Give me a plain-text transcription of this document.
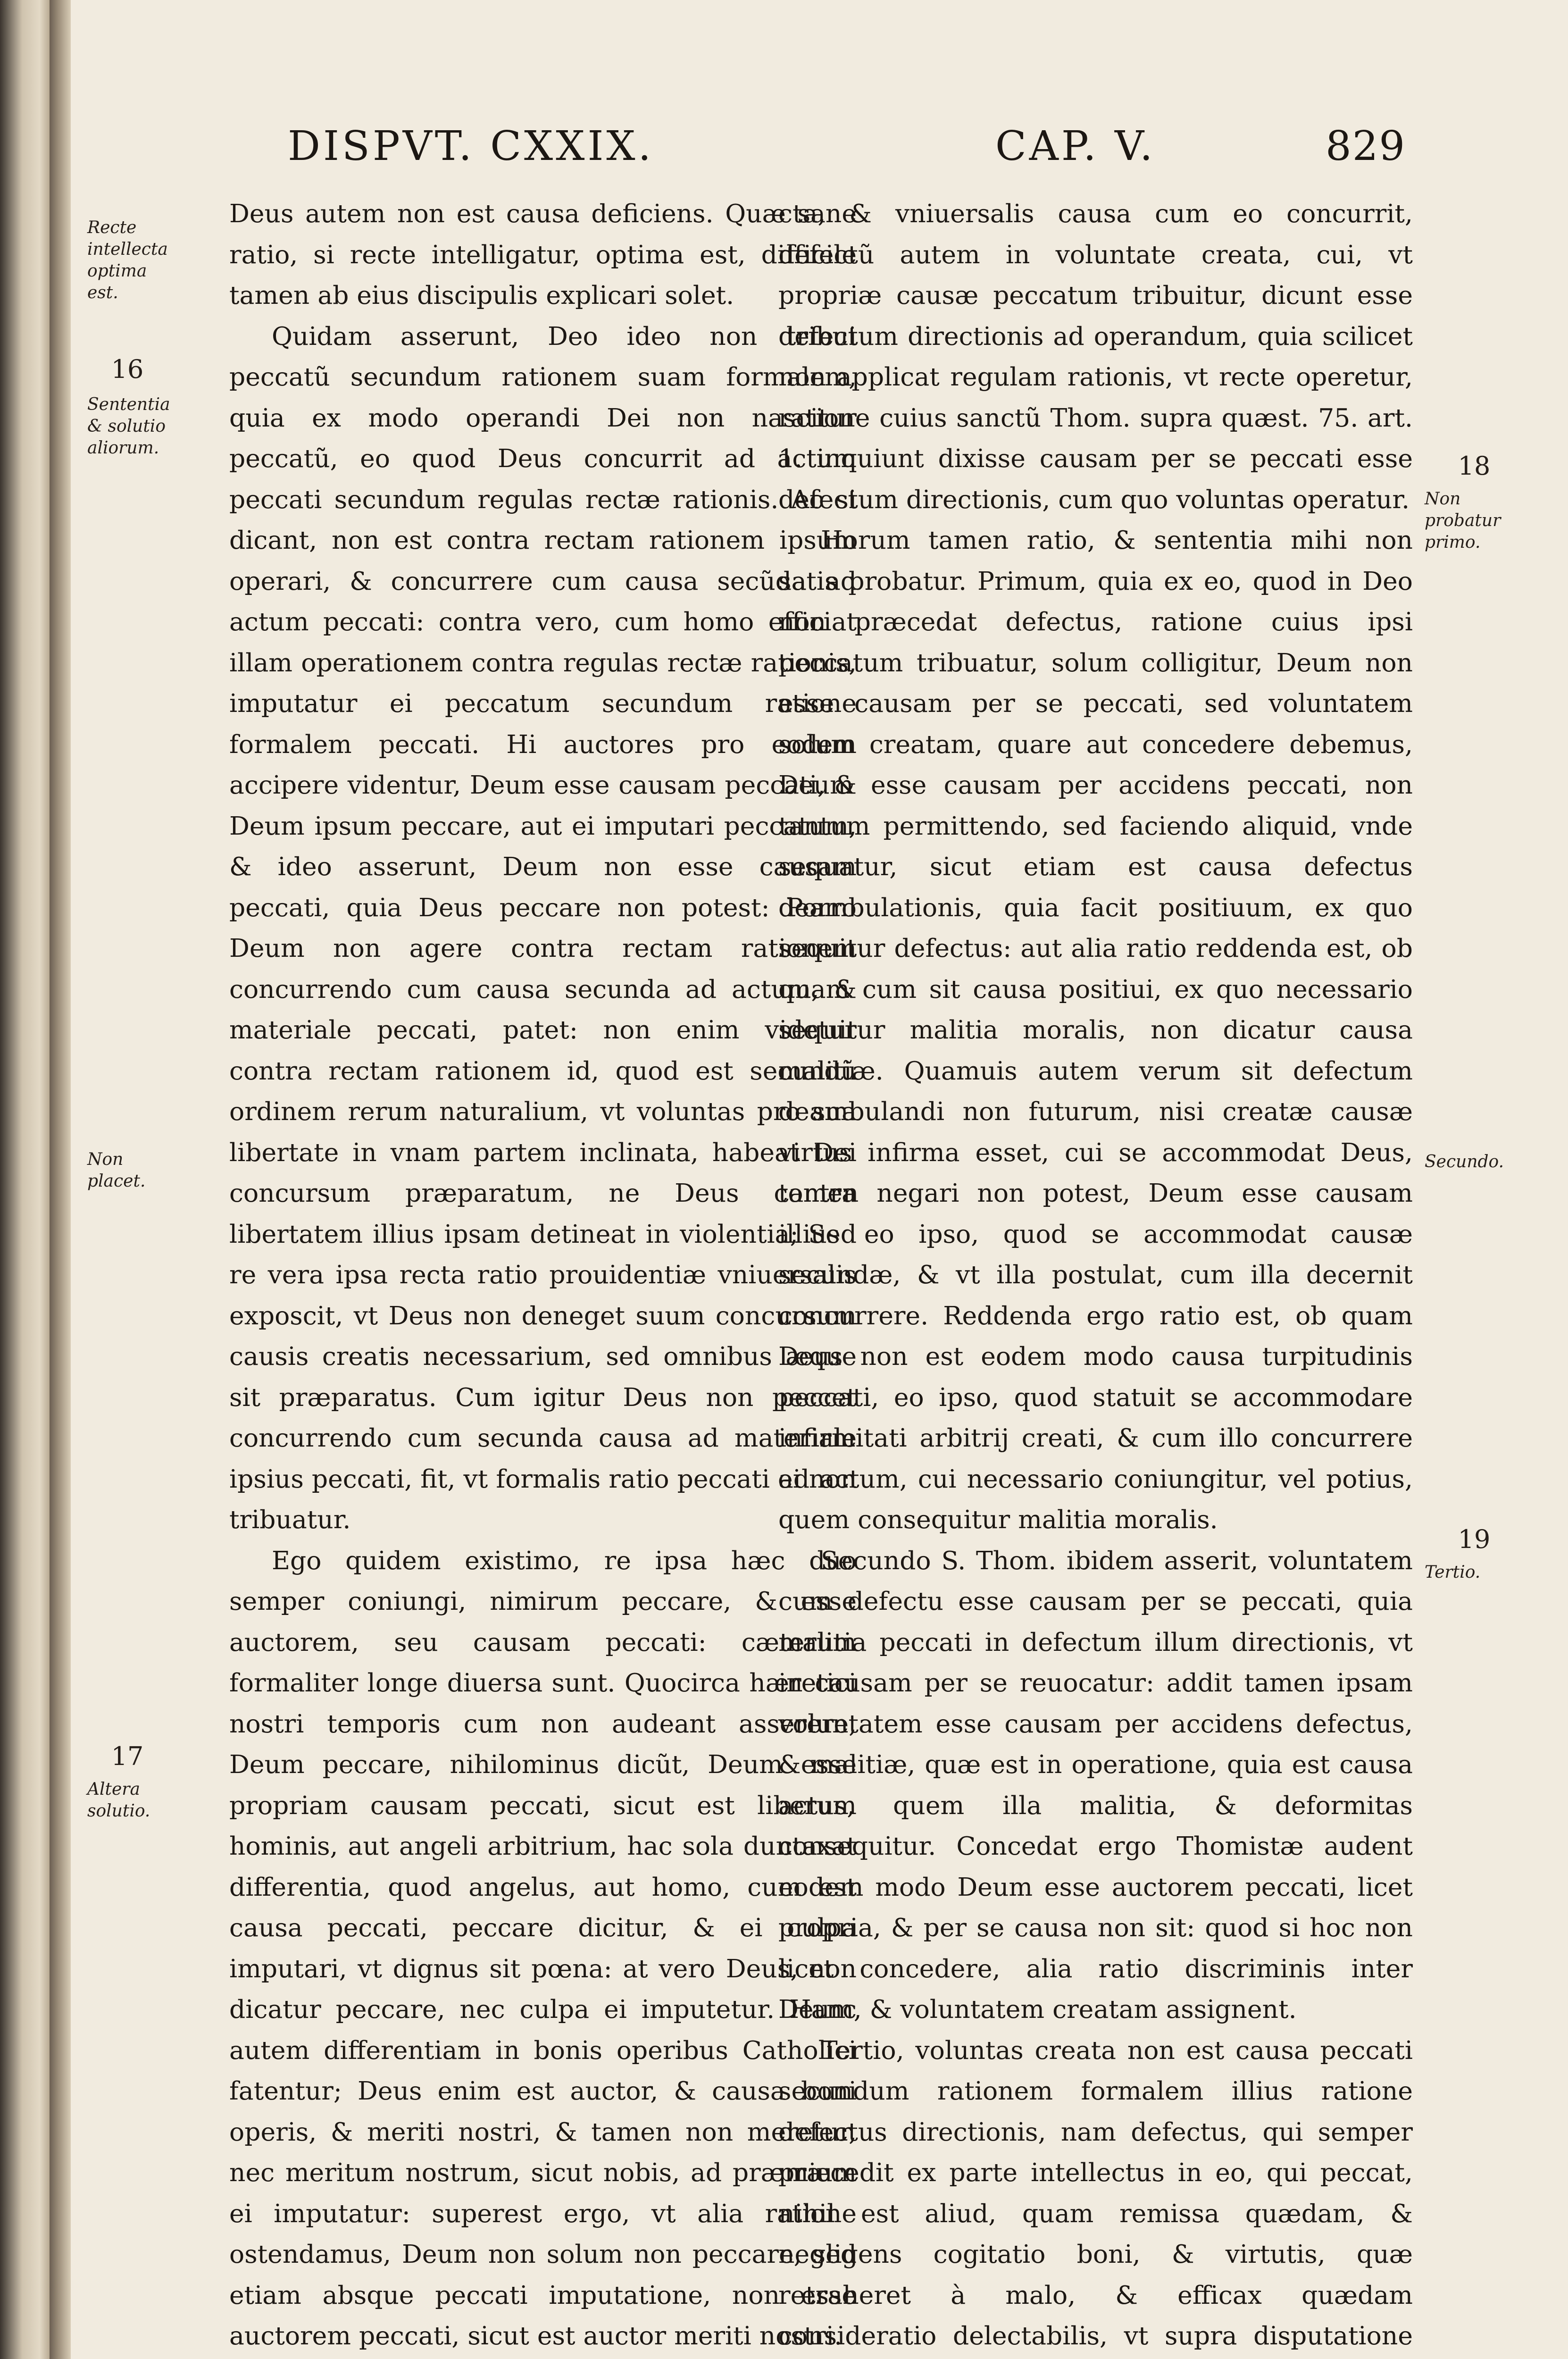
DISPVT. CXXIX.	CAP. V.	829
Recte intellecta optima est.
16
Sententia & solutio aliorum.
Non placet.
17
Altera solutio.
18
Non probatur primo.
Secundo.
19
Tertio.

Deus autem non est causa deficiens. Quæ sane ratio, si recte intelligatur, optima est, difficile tamen ab eius discipulis explicari solet.

Quidam asserunt, Deo ideo non tribui peccatũ secundum rationem suam formalem, quia ex modo operandi Dei non nascitur peccatũ, eo quod Deus concurrit ad actum peccati secundum regulas rectæ rationis. Ac si dicant, non est contra rectam rationem ipsum operari, & concurrere cum causa secũda ad actum peccati: contra vero, cum homo efficiat illam operationem contra regulas rectæ rationis, imputatur ei peccatum secundum ratione formalem peccati. Hi auctores pro eodem accipere videntur, Deum esse causam peccati, & Deum ipsum peccare, aut ei imputari peccatum, & ideo asserunt, Deum non esse causam peccati, quia Deus peccare non potest: Porro Deum non agere contra rectam rationem concurrendo cum causa secunda ad actum, & materiale peccati, patet: non enim videtur contra rectam rationem id, quod est secundũ ordinem rerum naturalium, vt voluntas pro sua libertate in vnam partem inclinata, habeat Dei concursum præparatum, ne Deus contra libertatem illius ipsam detineat in violentia; Sed re vera ipsa recta ratio prouidentiæ vniuersalis exposcit, vt Deus non deneget suum concursum causis creatis necessarium, sed omnibus æque sit præparatus. Cum igitur Deus non peccet concurrendo cum secunda causa ad materiale ipsius peccati, fit, vt formalis ratio peccati ei non tribuatur.

Ego quidem existimo, re ipsa hæc duo semper coniungi, nimirum peccare, & esse auctorem, seu causam peccati: cæterum formaliter longe diuersa sunt. Quocirca hæretici nostri temporis cum non audeant asserere, Deum peccare, nihilominus dicũt, Deum esse propriam causam peccati, sicut est liberum hominis, aut angeli arbitrium, hac sola duntaxat differentia, quod angelus, aut homo, cum est causa peccati, peccare dicitur, & ei culpa imputari, vt dignus sit pœna: at vero Deus, non dicatur peccare, nec culpa ei imputetur. Hanc autem differentiam in bonis operibus Catholici fatentur; Deus enim est auctor, & causa boni operis, & meriti nostri, & tamen non meretur, nec meritum nostrum, sicut nobis, ad præmium ei imputatur: superest ergo, vt alia ratione ostendamus, Deum non solum non peccare, sed etiam absque peccati imputatione, non esse auctorem peccati, sicut est auctor meriti nostri.

cta, & vniuersalis causa cum eo concurrit, defectũ autem in voluntate creata, cui, vt propriæ causæ peccatum tribuitur, dicunt esse defectum directionis ad operandum, quia scilicet non applicat regulam rationis, vt recte operetur, ratione cuius sanctũ Thom. supra quæst. 75. art. 1. inquiunt dixisse causam per se peccati esse defectum directionis, cum quo voluntas operatur.

Horum tamen ratio, & sententia mihi non satis probatur. Primum, quia ex eo, quod in Deo non præcedat defectus, ratione cuius ipsi peccatum tribuatur, solum colligitur, Deum non esse causam per se peccati, sed voluntatem solum creatam, quare aut concedere debemus, Deum esse causam per accidens peccati, non tantum permittendo, sed faciendo aliquid, vnde sequatur, sicut etiam est causa defectus deambulationis, quia facit positiuum, ex quo sequitur defectus: aut alia ratio reddenda est, ob quam cum sit causa positiui, ex quo necessario sequitur malitia moralis, non dicatur causa malitiæ. Quamuis autem verum sit defectum deambulandi non futurum, nisi creatæ causæ virtus infirma esset, cui se accommodat Deus, tamen negari non potest, Deum esse causam illius eo ipso, quod se accommodat causæ secundæ, & vt illa postulat, cum illa decernit concurrere. Reddenda ergo ratio est, ob quam Deus non est eodem modo causa turpitudinis peccati, eo ipso, quod statuit se accommodare infirmitati arbitrij creati, & cum illo concurrere ad actum, cui necessario coniungitur, vel potius, quem consequitur malitia moralis.

Secundo S. Thom. ibidem asserit, voluntatem cum defectu esse causam per se peccati, quia malitia peccati in defectum illum directionis, vt in causam per se reuocatur: addit tamen ipsam voluntatem esse causam per accidens defectus, & malitiæ, quæ est in operatione, quia est causa actus, quem illa malitia, & deformitas consequitur. Concedat ergo Thomistæ audent eodem modo Deum esse auctorem peccati, licet propria, & per se causa non sit: quod si hoc non licet concedere, alia ratio discriminis inter Deum, & voluntatem creatam assignent.

Tertio, voluntas creata non est causa peccati secundum rationem formalem illius ratione defectus directionis, nam defectus, qui semper præcedit ex parte intellectus in eo, qui peccat, nihil est aliud, quam remissa quædam, & negligens cogitatio boni, & virtutis, quæ retraheret à malo, & efficax quædam consideratio delectabilis, vt supra disputatione
